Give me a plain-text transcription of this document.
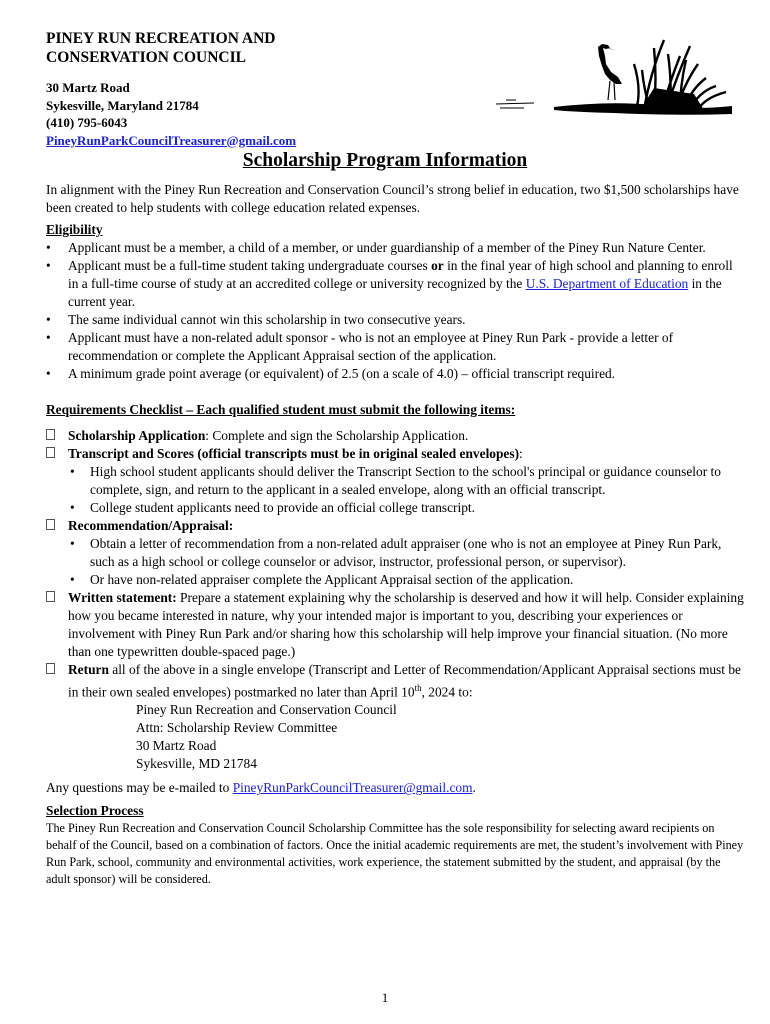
PINEY RUN RECREATION AND
CONSERVATION COUNCIL
30 Martz Road
Sykesville, Maryland 21784
(410) 795-6043
PineyRunParkCouncilTreasurer@gmail.com
Scholarship Program Information

In alignment with the Piney Run Recreation and Conservation Council’s strong belief in education, two $1,500 scholarships have been created to help students with college education related expenses.

Eligibility

• Applicant must be a member, a child of a member, or under guardianship of a member of the Piney Run Nature Center.
• Applicant must be a full-time student taking undergraduate courses or in the final year of high school and planning to enroll in a full-time course of study at an accredited college or university recognized by the U.S. Department of Education in the current year.
• The same individual cannot win this scholarship in two consecutive years.
• Applicant must have a non-related adult sponsor - who is not an employee at Piney Run Park - provide a letter of recommendation or complete the Applicant Appraisal section of the application.
• A minimum grade point average (or equivalent) of 2.5 (on a scale of 4.0) – official transcript required.

Requirements Checklist – Each qualified student must submit the following items:

Scholarship Application: Complete and sign the Scholarship Application.
Transcript and Scores (official transcripts must be in original sealed envelopes):
• High school student applicants should deliver the Transcript Section to the school's principal or guidance counselor to complete, sign, and return to the applicant in a sealed envelope, along with an official transcript.
• College student applicants need to provide an official college transcript.
Recommendation/Appraisal:
• Obtain a letter of recommendation from a non-related adult appraiser (one who is not an employee at Piney Run Park, such as a high school or college counselor or advisor, instructor, professional person, or supervisor).
• Or have non-related appraiser complete the Applicant Appraisal section of the application.
Written statement: Prepare a statement explaining why the scholarship is deserved and how it will help. Consider explaining how you became interested in nature, why your intended major is important to you, describing your experiences or involvement with Piney Run Park and/or sharing how this scholarship will help improve your financial situation. (No more than one typewritten double-spaced page.)
Return all of the above in a single envelope (Transcript and Letter of Recommendation/Applicant Appraisal sections must be in their own sealed envelopes) postmarked no later than April 10th, 2024 to:
Piney Run Recreation and Conservation Council
Attn: Scholarship Review Committee
30 Martz Road
Sykesville, MD 21784

Any questions may be e-mailed to PineyRunParkCouncilTreasurer@gmail.com.

Selection Process

The Piney Run Recreation and Conservation Council Scholarship Committee has the sole responsibility for selecting award recipients on behalf of the Council, based on a combination of factors. Once the initial academic requirements are met, the student’s involvement with Piney Run Park, school, community and environmental activities, work experience, the statement submitted by the student, and appraisal (by the adult sponsor) will be considered.

1
